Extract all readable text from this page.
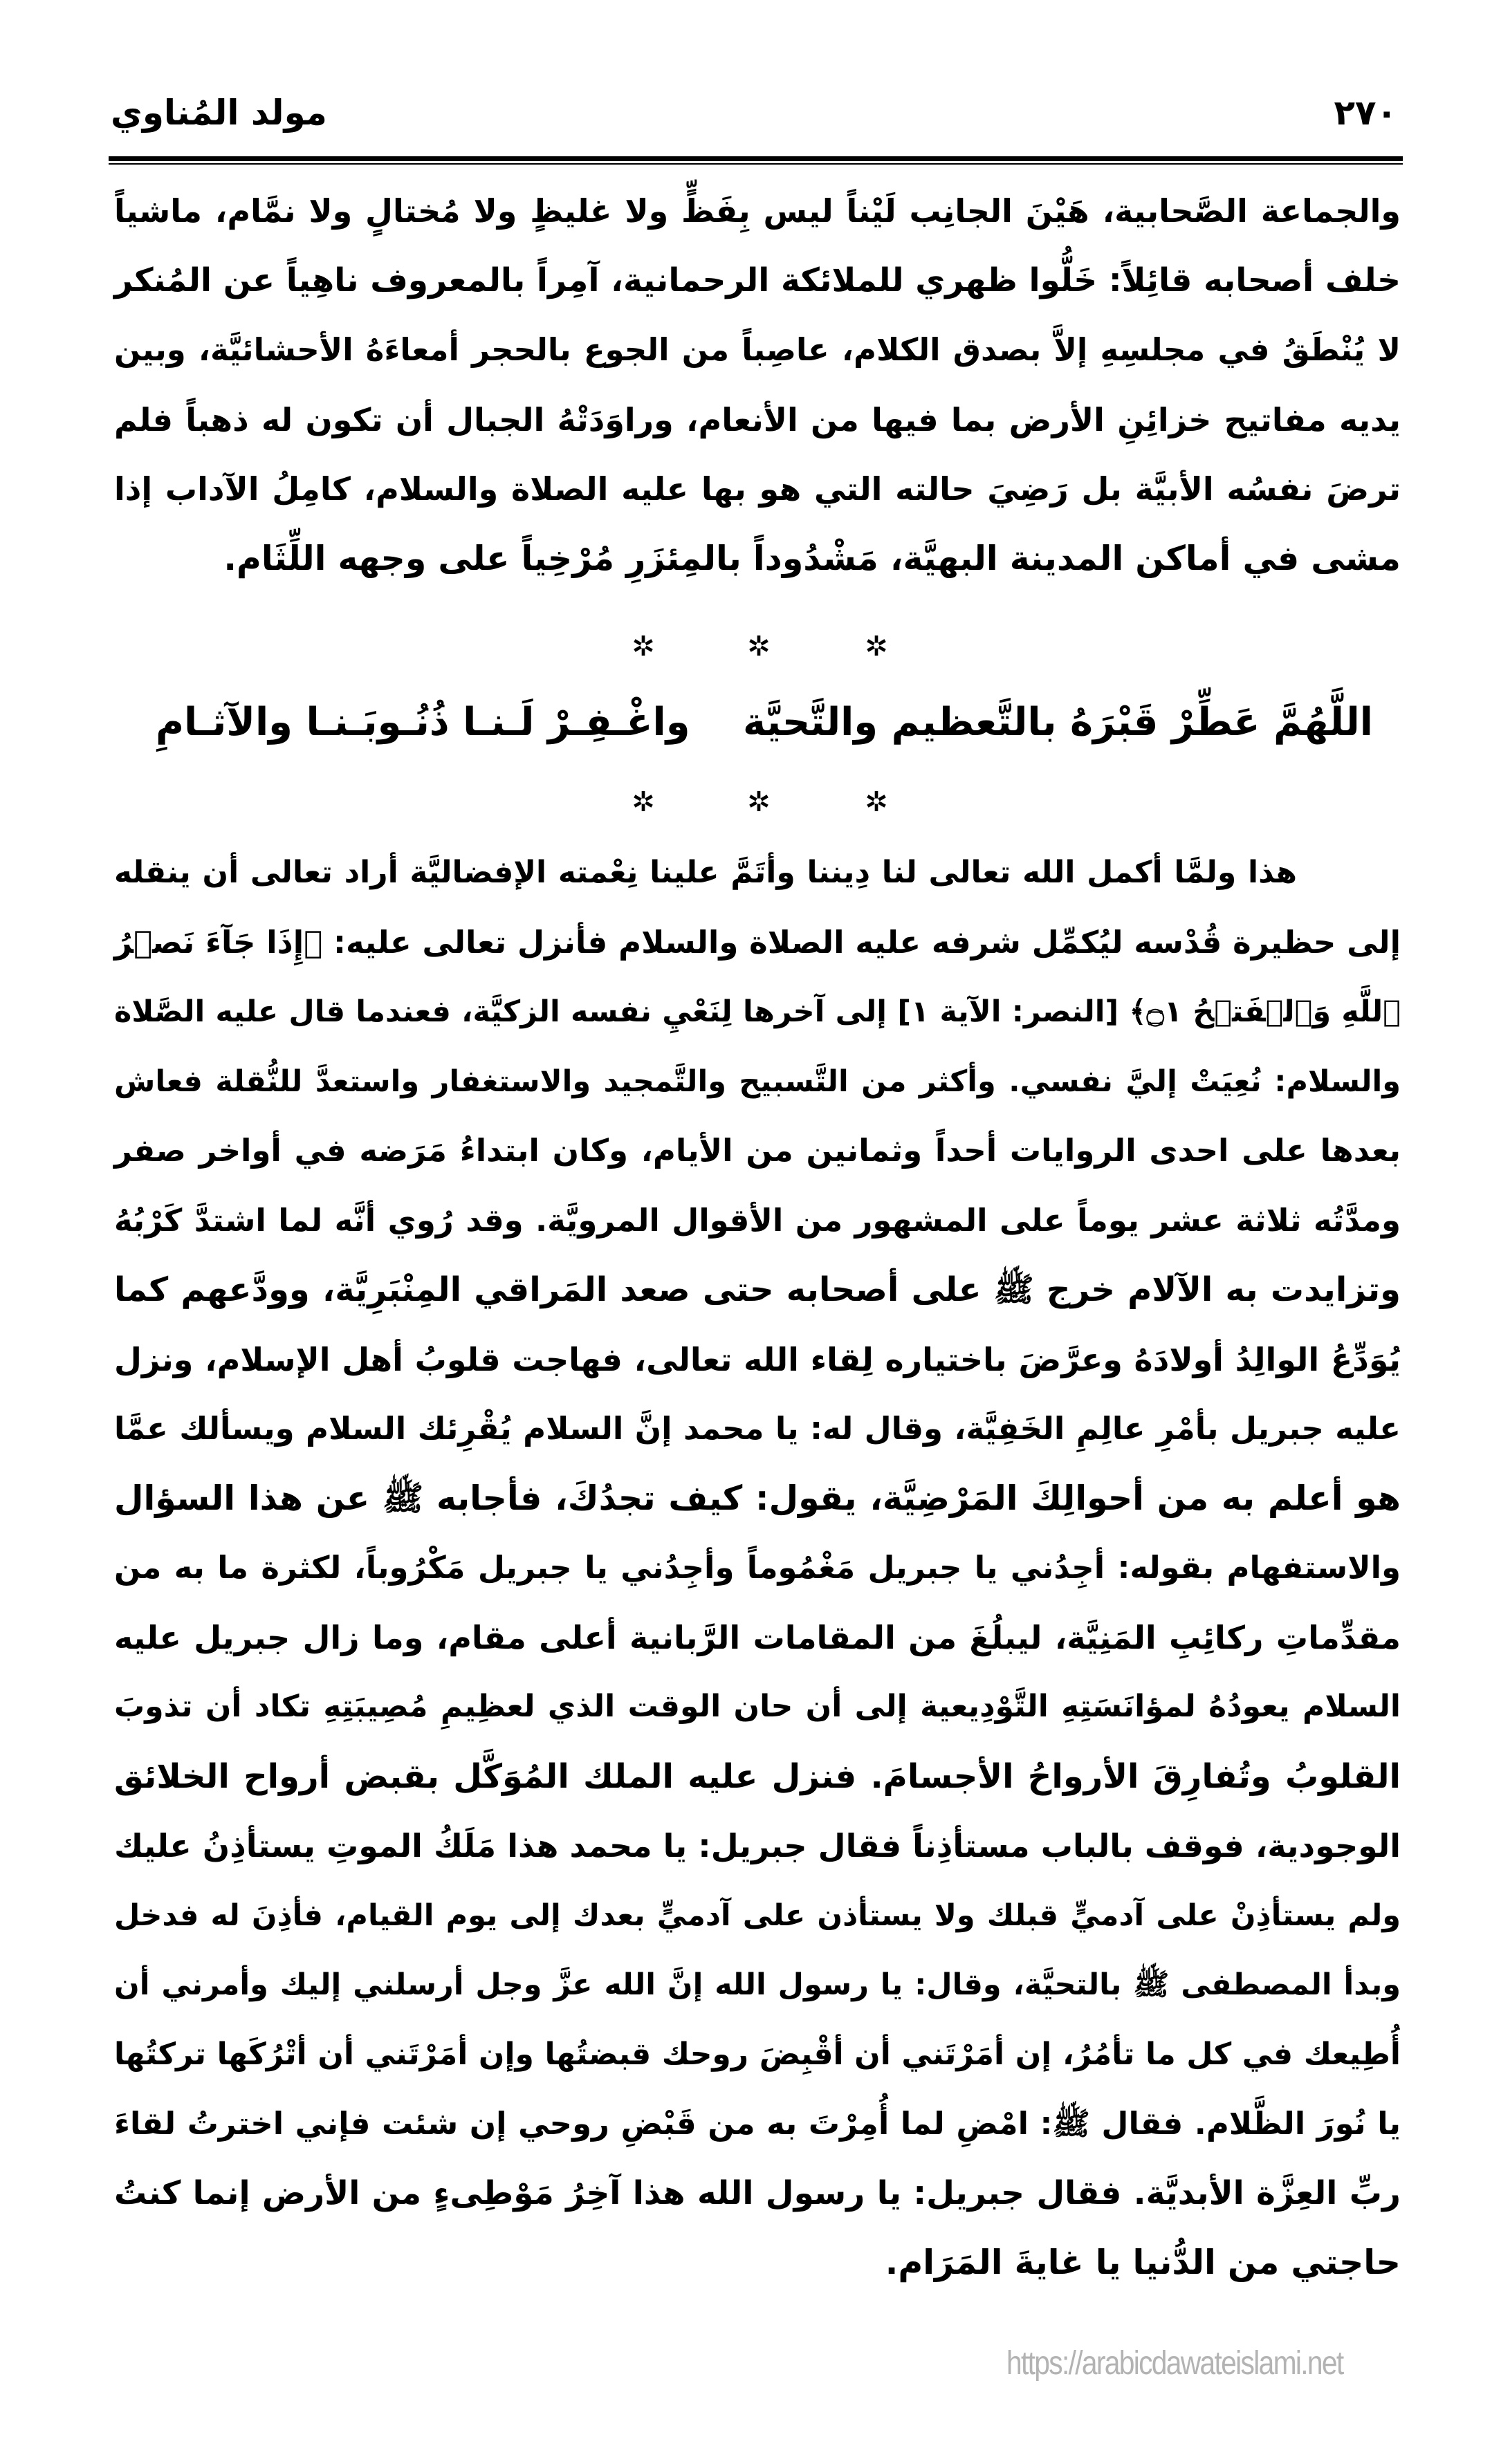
مولد المُناوي	٢٧٠
والجماعة الصَّحابية، هَيْنَ الجانِب لَيْناً ليس بِفَظٍّ ولا غليظٍ ولا مُختالٍ ولا نمَّام، ماشياً
خلف أصحابه قائِلاً: خَلُّوا ظهري للملائكة الرحمانية، آمِراً بالمعروف ناهِياً عن المُنكر
لا يُنْطَقُ في مجلسِهِ إلاَّ بصدق الكلام، عاصِباً من الجوع بالحجر أمعاءَهُ الأحشائيَّة، وبين
يديه مفاتيح خزائِنِ الأرض بما فيها من الأنعام، وراوَدَتْهُ الجبال أن تكون له ذهباً فلم
ترضَ نفسُه الأبيَّة بل رَضِيَ حالته التي هو بها عليه الصلاة والسلام، كامِلُ الآداب إذا
مشى في أماكن المدينة البهيَّة، مَشْدُوداً بالمِئزَرِ مُرْخِياً على وجهه اللِّثَام.
✲	✲	✲
اللَّهُمَّ عَطِّرْ قَبْرَهُ بالتَّعظيم والتَّحيَّة
واغْـفِـرْ لَـنـا ذُنُـوبَـنـا والآثـامِ
✲	✲	✲
هذا ولمَّا أكمل الله تعالى لنا دِيننا وأتَمَّ علينا نِعْمته الإفضاليَّة أراد تعالى أن ينقله
إلى حظيرة قُدْسه ليُكمِّل شرفه عليه الصلاة والسلام فأنزل تعالى عليه: ﴿إِذَا جَآءَ نَصۡرُ
ٱللَّهِ وَٱلۡفَتۡحُ ۝١﴾ [النصر: الآية ١] إلى آخرها لِنَعْيِ نفسه الزكيَّة، فعندما قال عليه الصَّلاة
والسلام: نُعِيَتْ إليَّ نفسي. وأكثر من التَّسبيح والتَّمجيد والاستغفار واستعدَّ للنُّقلة فعاش
بعدها على احدى الروايات أحداً وثمانين من الأيام، وكان ابتداءُ مَرَضه في أواخر صفر
ومدَّتُه ثلاثة عشر يوماً على المشهور من الأقوال المرويَّة. وقد رُوي أنَّه لما اشتدَّ كَرْبُهُ
وتزايدت به الآلام خرج ﷺ على أصحابه حتى صعد المَراقي المِنْبَرِيَّة، وودَّعهم كما
يُوَدِّعُ الوالِدُ أولادَهُ وعرَّضَ باختياره لِقاء الله تعالى، فهاجت قلوبُ أهل الإسلام، ونزل
عليه جبريل بأمْرِ عالِمِ الخَفِيَّة، وقال له: يا محمد إنَّ السلام يُقْرِئك السلام ويسألك عمَّا
هو أعلم به من أحوالِكَ المَرْضِيَّة، يقول: كيف تجدُكَ، فأجابه ﷺ عن هذا السؤال
والاستفهام بقوله: أجِدُني يا جبريل مَغْمُوماً وأجِدُني يا جبريل مَكْرُوباً، لكثرة ما به من
مقدِّماتِ ركائِبِ المَنِيَّة، ليبلُغَ من المقامات الرَّبانية أعلى مقام، وما زال جبريل عليه
السلام يعودُهُ لمؤانَسَتِهِ التَّوْدِيعية إلى أن حان الوقت الذي لعظِيمِ مُصِيبَتِهِ تكاد أن تذوبَ
القلوبُ وتُفارِقَ الأرواحُ الأجسامَ. فنزل عليه الملك المُوَكَّل بقبض أرواح الخلائق
الوجودية، فوقف بالباب مستأذِناً فقال جبريل: يا محمد هذا مَلَكُ الموتِ يستأذِنُ عليك
ولم يستأذِنْ على آدميٍّ قبلك ولا يستأذن على آدميٍّ بعدك إلى يوم القيام، فأذِنَ له فدخل
وبدأ المصطفى ﷺ بالتحيَّة، وقال: يا رسول الله إنَّ الله عزَّ وجل أرسلني إليك وأمرني أن
أُطِيعك في كل ما تأمُرُ، إن أمَرْتَني أن أقْبِضَ روحك قبضتُها وإن أمَرْتَني أن أتْرُكَها تركتُها
يا نُورَ الظَّلام. فقال ﷺ: امْضِ لما أُمِرْتَ به من قَبْضِ روحي إن شئت فإني اخترتُ لقاءَ
ربِّ العِزَّة الأبديَّة. فقال جبريل: يا رسول الله هذا آخِرُ مَوْطِىءٍ من الأرض إنما كنتُ
حاجتي من الدُّنيا يا غايةَ المَرَام.
https://arabicdawateislami.net
